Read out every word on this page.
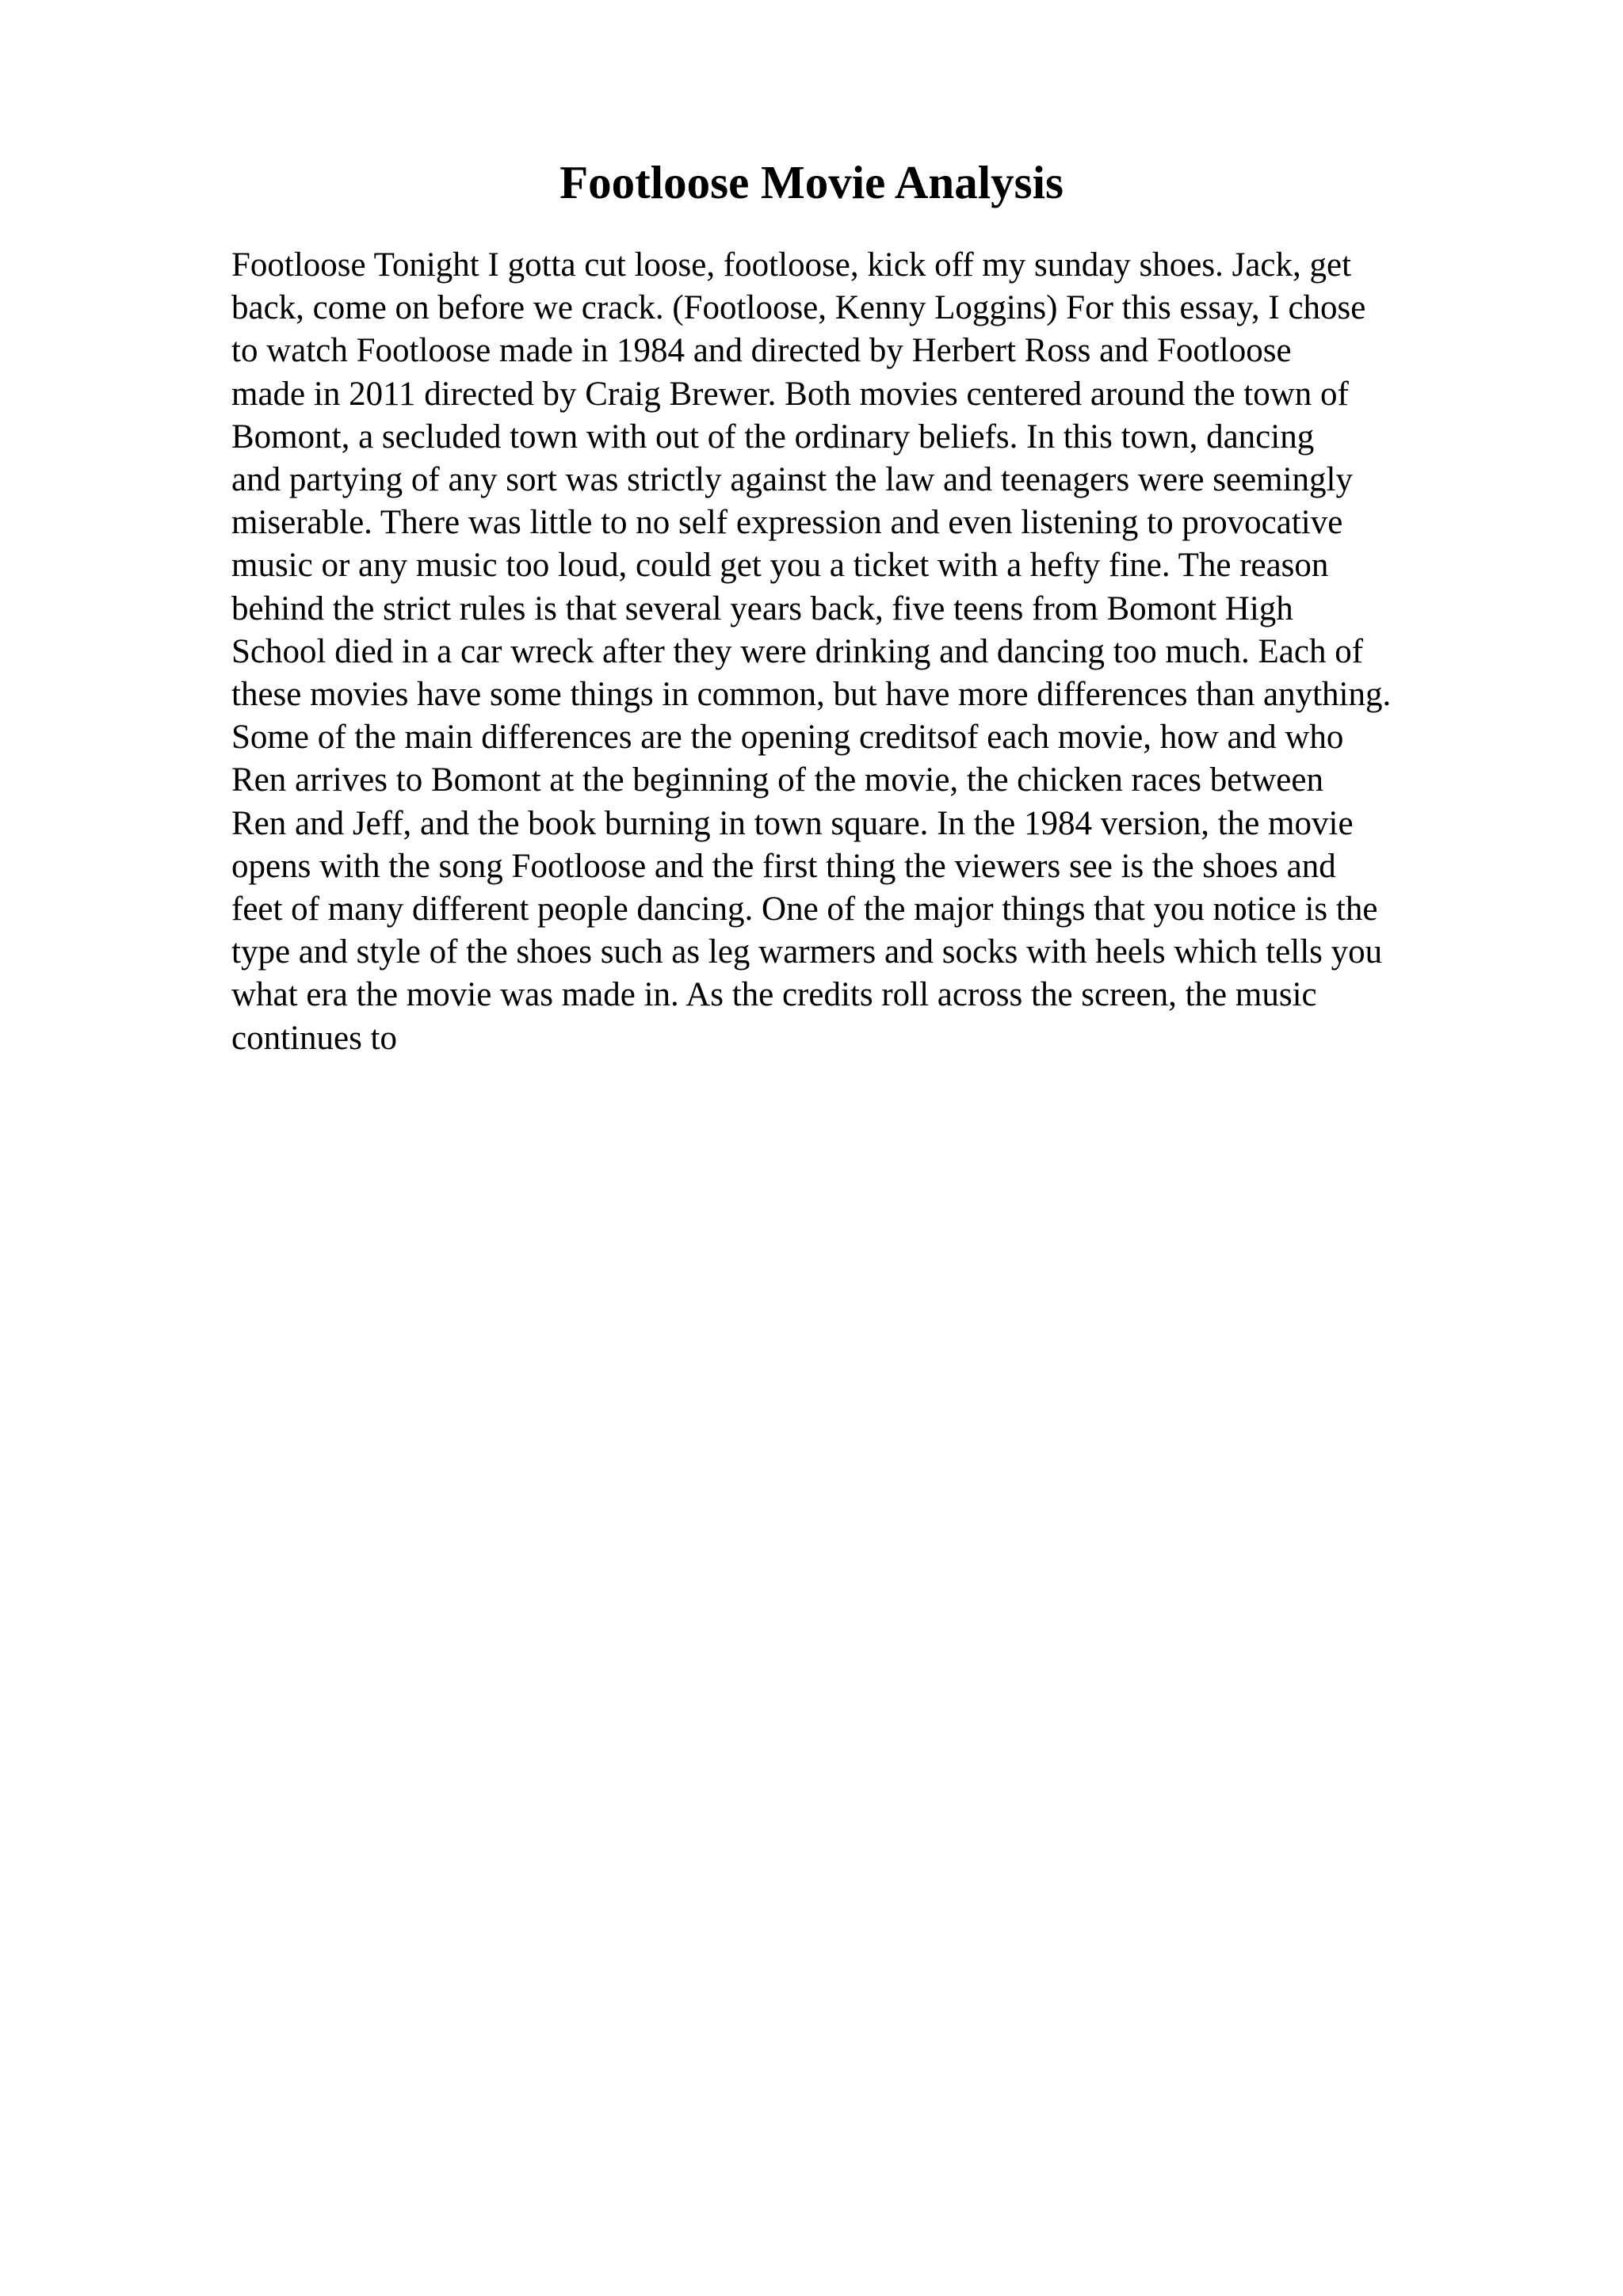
Footloose Movie Analysis

Footloose Tonight I gotta cut loose, footloose, kick off my sunday shoes. Jack, get
back, come on before we crack. (Footloose, Kenny Loggins) For this essay, I chose
to watch Footloose made in 1984 and directed by Herbert Ross and Footloose
made in 2011 directed by Craig Brewer. Both movies centered around the town of
Bomont, a secluded town with out of the ordinary beliefs. In this town, dancing
and partying of any sort was strictly against the law and teenagers were seemingly
miserable. There was little to no self expression and even listening to provocative
music or any music too loud, could get you a ticket with a hefty fine. The reason
behind the strict rules is that several years back, five teens from Bomont High
School died in a car wreck after they were drinking and dancing too much. Each of
these movies have some things in common, but have more differences than anything.
Some of the main differences are the opening creditsof each movie, how and who
Ren arrives to Bomont at the beginning of the movie, the chicken races between
Ren and Jeff, and the book burning in town square. In the 1984 version, the movie
opens with the song Footloose and the first thing the viewers see is the shoes and
feet of many different people dancing. One of the major things that you notice is the
type and style of the shoes such as leg warmers and socks with heels which tells you
what era the movie was made in. As the credits roll across the screen, the music
continues to
